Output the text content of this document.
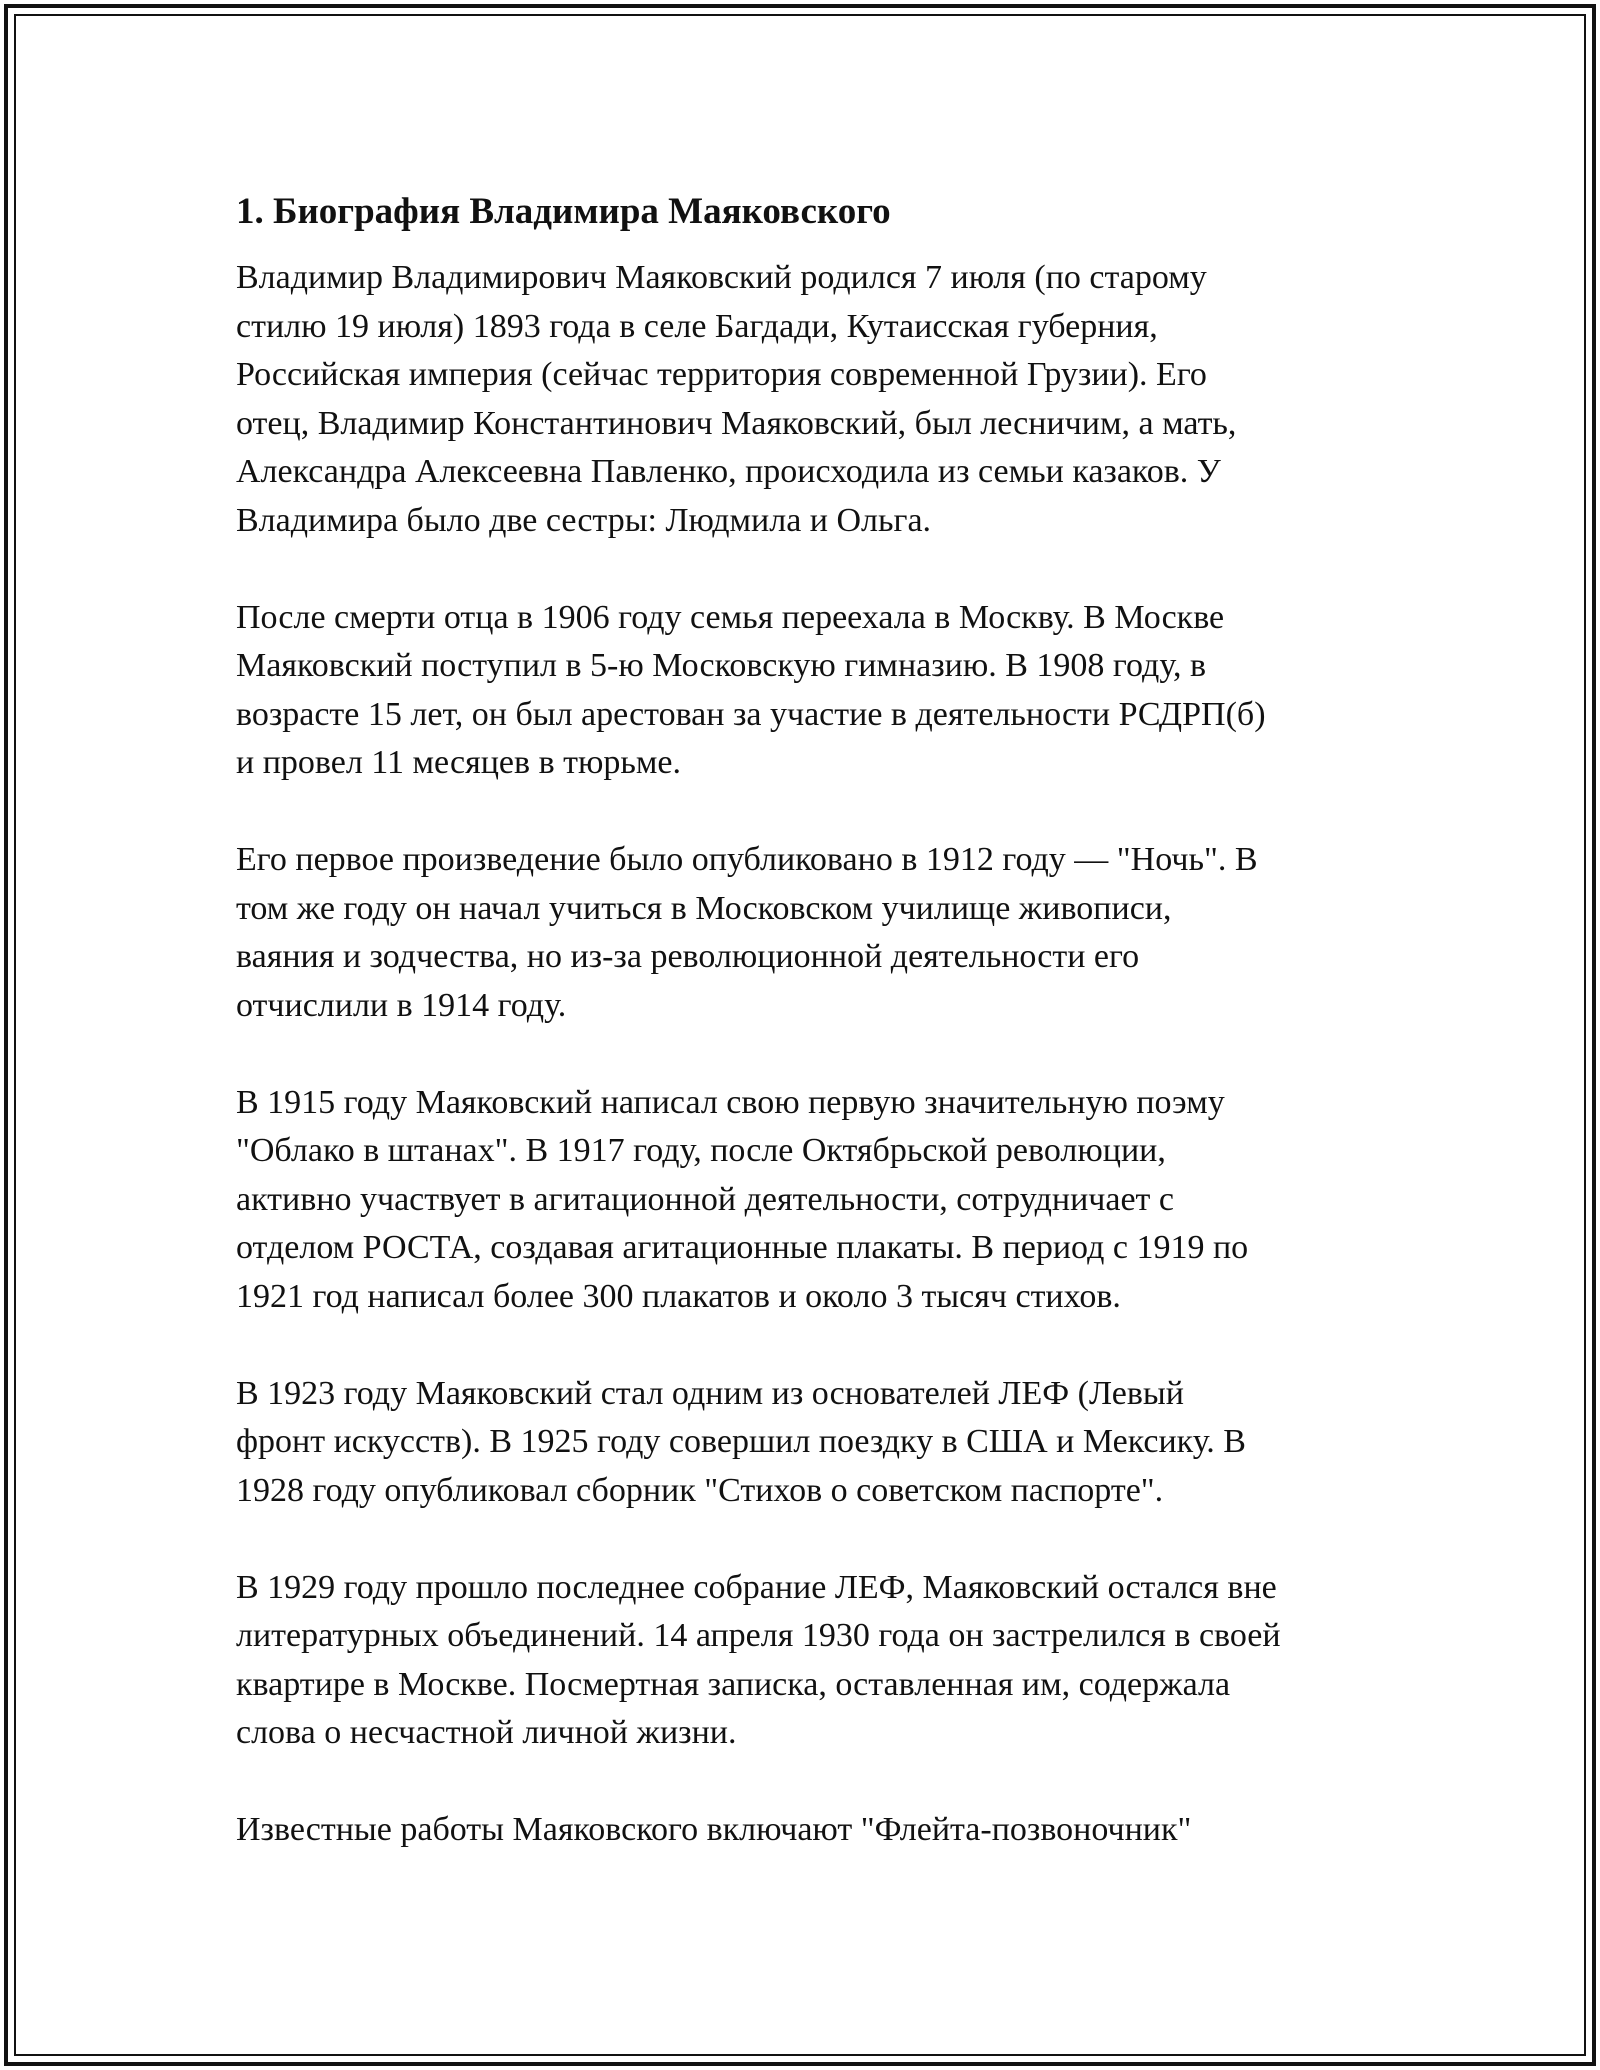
1. Биография Владимира Маяковского

Владимир Владимирович Маяковский родился 7 июля (по старому
стилю 19 июля) 1893 года в селе Багдади, Кутаисская губерния,
Российская империя (сейчас территория современной Грузии). Его
отец, Владимир Константинович Маяковский, был лесничим, а мать,
Александра Алексеевна Павленко, происходила из семьи казаков. У
Владимира было две сестры: Людмила и Ольга.

После смерти отца в 1906 году семья переехала в Москву. В Москве
Маяковский поступил в 5-ю Московскую гимназию. В 1908 году, в
возрасте 15 лет, он был арестован за участие в деятельности РСДРП(б)
и провел 11 месяцев в тюрьме.

Его первое произведение было опубликовано в 1912 году — "Ночь". В
том же году он начал учиться в Московском училище живописи,
ваяния и зодчества, но из-за революционной деятельности его
отчислили в 1914 году.

В 1915 году Маяковский написал свою первую значительную поэму
"Облако в штанах". В 1917 году, после Октябрьской революции,
активно участвует в агитационной деятельности, сотрудничает с
отделом РОСТА, создавая агитационные плакаты. В период с 1919 по
1921 год написал более 300 плакатов и около 3 тысяч стихов.

В 1923 году Маяковский стал одним из основателей ЛЕФ (Левый
фронт искусств). В 1925 году совершил поездку в США и Мексику. В
1928 году опубликовал сборник "Стихов о советском паспорте".

В 1929 году прошло последнее собрание ЛЕФ, Маяковский остался вне
литературных объединений. 14 апреля 1930 года он застрелился в своей
квартире в Москве. Посмертная записка, оставленная им, содержала
слова о несчастной личной жизни.

Известные работы Маяковского включают "Флейта-позвоночник"
